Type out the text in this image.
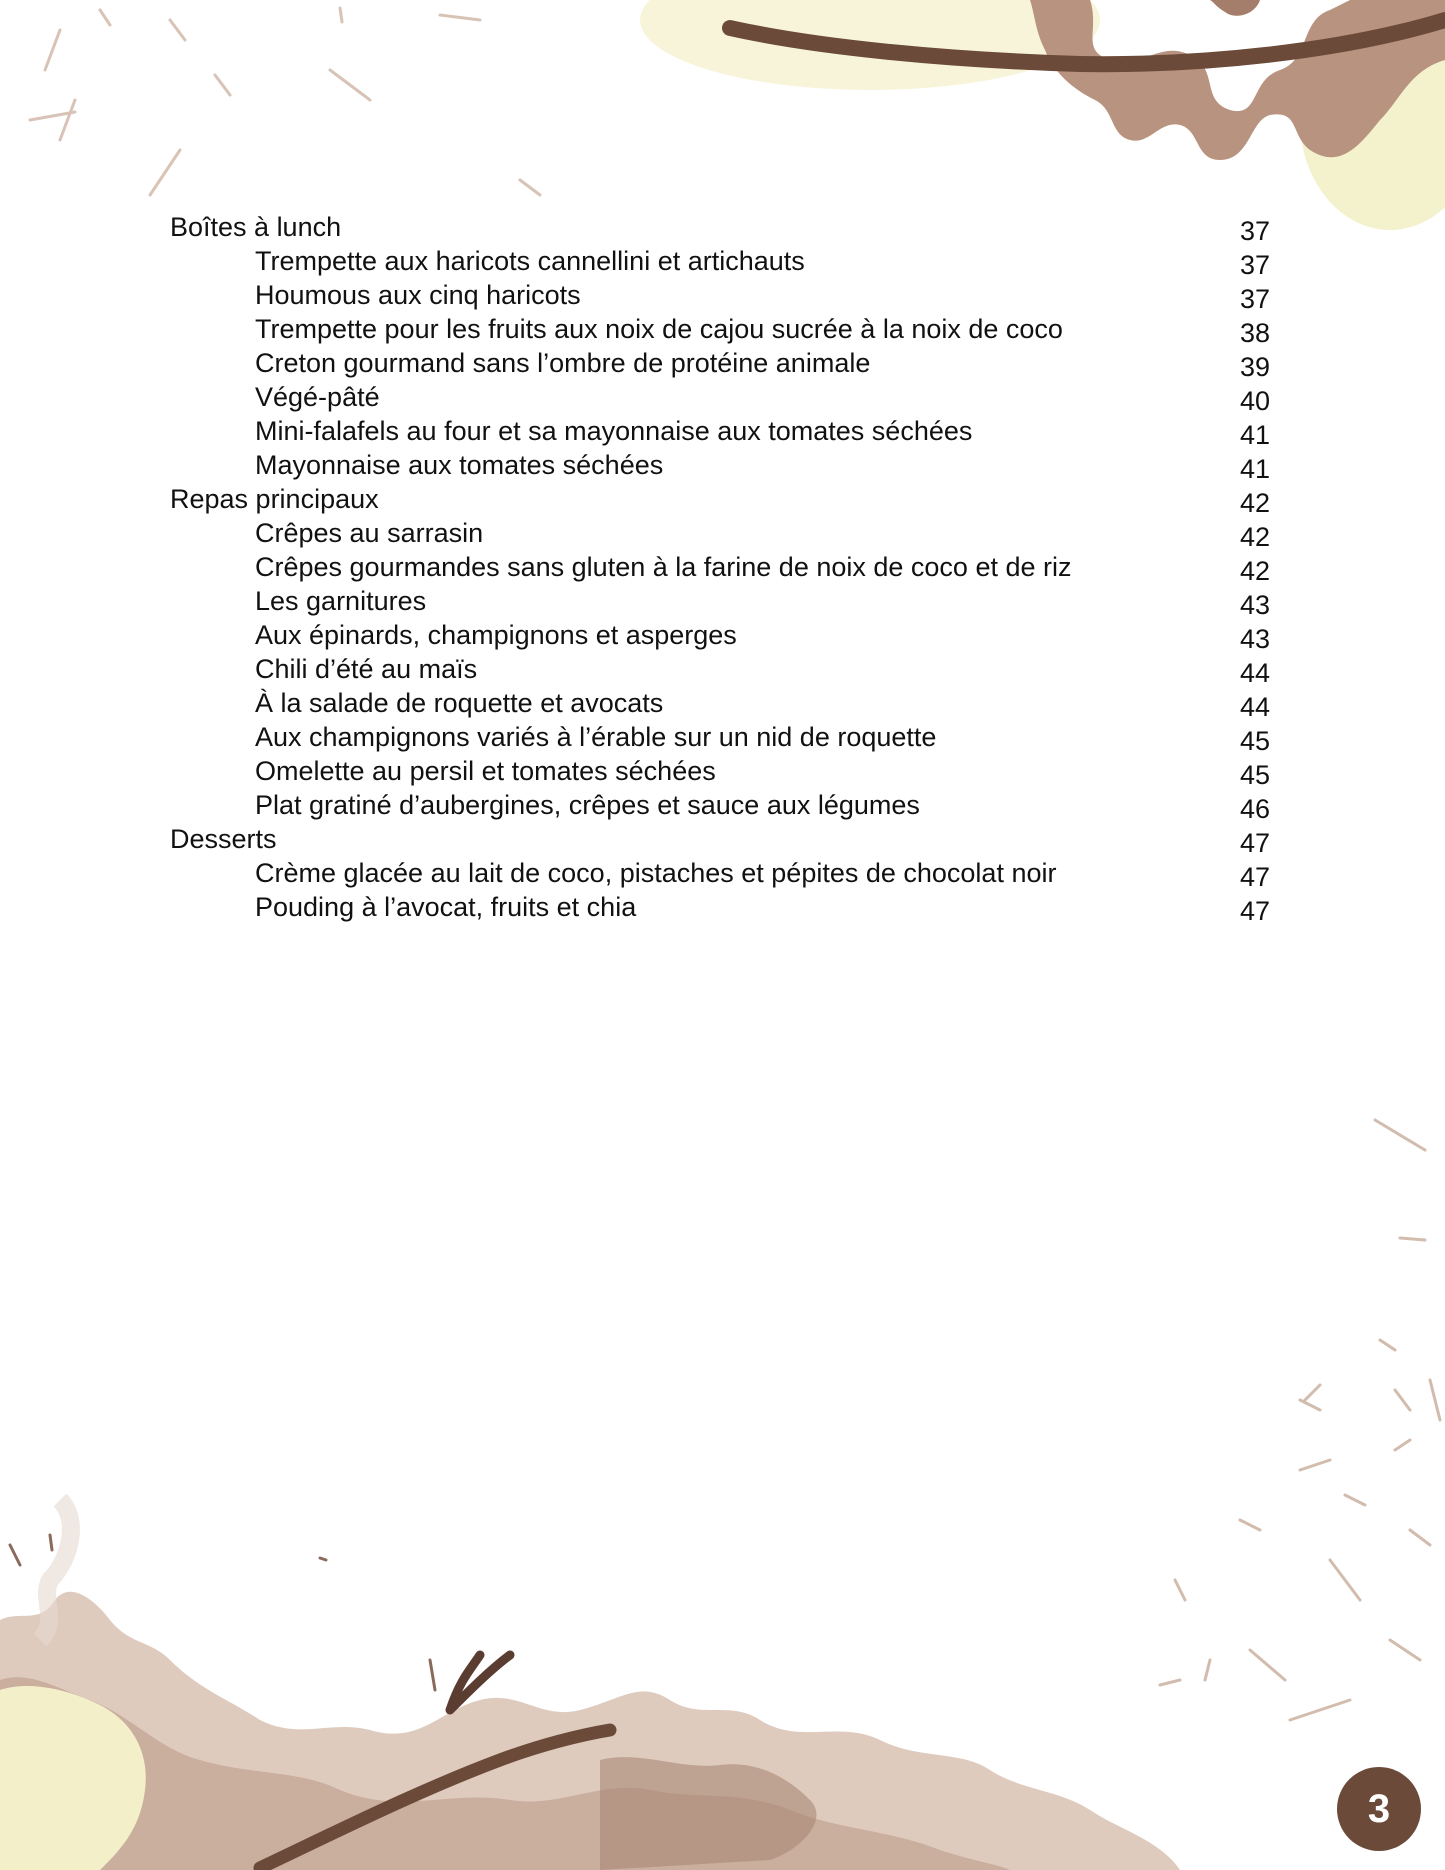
Boîtes à lunch	37
Trempette aux haricots cannellini et artichauts	37
Houmous aux cinq haricots	37
Trempette pour les fruits aux noix de cajou sucrée à la noix de coco	38
Creton gourmand sans l’ombre de protéine animale	39
Végé-pâté	40
Mini-falafels au four et sa mayonnaise aux tomates séchées	41
Mayonnaise aux tomates séchées	41
Repas principaux	42
Crêpes au sarrasin	42
Crêpes gourmandes sans gluten à la farine de noix de coco et de riz	42
Les garnitures	43
Aux épinards, champignons et asperges	43
Chili d’été au maïs	44
À la salade de roquette et avocats	44
Aux champignons variés à l’érable sur un nid de roquette	45
Omelette au persil et tomates séchées	45
Plat gratiné d’aubergines, crêpes et sauce aux légumes	46
Desserts	47
Crème glacée au lait de coco, pistaches et pépites de chocolat noir	47
Pouding à l’avocat, fruits et chia	47
3
